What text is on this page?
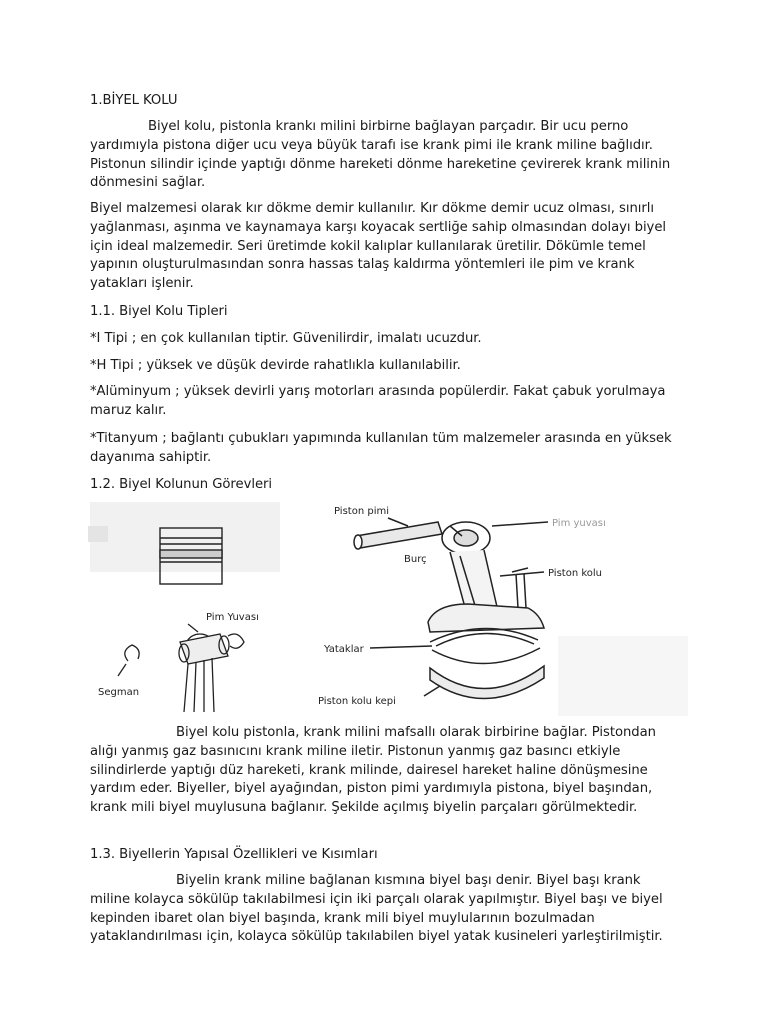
1.BİYEL KOLU

Biyel kolu, pistonla krankı milini birbirne bağlayan parçadır. Bir ucu perno yardımıyla pistona diğer ucu veya büyük tarafı ise krank pimi ile krank miline bağlıdır. Pistonun silindir içinde yaptığı dönme hareketi dönme hareketine çevirerek krank milinin dönmesini sağlar.

Biyel malzemesi olarak kır dökme demir kullanılır. Kır dökme demir ucuz olması, sınırlı yağlanması, aşınma ve kaynamaya karşı koyacak sertliğe sahip olmasından dolayı biyel için ideal malzemedir. Seri üretimde kokil kalıplar kullanılarak üretilir. Dökümle temel yapının oluşturulmasından sonra hassas talaş kaldırma yöntemleri ile pim ve krank yatakları işlenir.

1.1. Biyel Kolu Tipleri

*I Tipi ; en çok kullanılan tiptir. Güvenilirdir, imalatı ucuzdur.

*H Tipi ; yüksek ve düşük devirde rahatlıkla kullanılabilir.

*Alüminyum ; yüksek devirli yarış motorları arasında popülerdir. Fakat çabuk yorulmaya maruz kalır.

*Titanyum ; bağlantı çubukları yapımında kullanılan tüm malzemeler arasında en yüksek dayanıma sahiptir.

1.2. Biyel Kolunun Görevleri

Pim Yuvası
Segman
Piston pimi
Pim yuvası
Burç
Piston kolu
Yataklar
Piston kolu kepi

Biyel kolu pistonla, krank milini mafsallı olarak birbirine bağlar. Pistondan alığı yanmış gaz basınıcını krank miline iletir. Pistonun yanmış gaz basıncı etkiyle silindirlerde yaptığı düz hareketi, krank milinde, dairesel hareket haline dönüşmesine yardım eder. Biyeller, biyel ayağından, piston pimi yardımıyla pistona, biyel başından, krank mili biyel muylusuna bağlanır. Şekilde açılmış biyelin parçaları görülmektedir.

1.3. Biyellerin Yapısal Özellikleri ve Kısımları

Biyelin krank miline bağlanan kısmına biyel başı denir. Biyel başı krank miline kolayca sökülüp takılabilmesi için iki parçalı olarak yapılmıştır. Biyel başı ve biyel kepinden ibaret olan biyel başında, krank mili biyel muylularının bozulmadan yataklandırılması için, kolayca sökülüp takılabilen biyel yatak kusineleri yarleştirilmiştir.
